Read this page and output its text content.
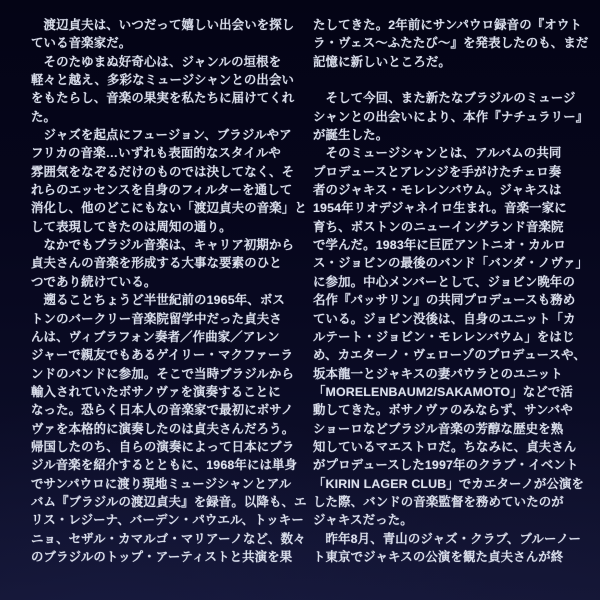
　渡辺貞夫は、いつだって嬉しい出会いを探し
ている音楽家だ。
　そのたゆまぬ好奇心は、ジャンルの垣根を
軽々と越え、多彩なミュージシャンとの出会い
をもたらし、音楽の果実を私たちに届けてくれ
た。
　ジャズを起点にフュージョン、ブラジルやア
フリカの音楽…いずれも表面的なスタイルや
雰囲気をなぞるだけのものでは決してなく、そ
れらのエッセンスを自身のフィルターを通して
消化し、他のどこにもない「渡辺貞夫の音楽」と
して表現してきたのは周知の通り。
　なかでもブラジル音楽は、キャリア初期から
貞夫さんの音楽を形成する大事な要素のひと
つであり続けている。
　遡ることちょうど半世紀前の1965年、ボス
トンのバークリー音楽院留学中だった貞夫さ
んは、ヴィブラフォン奏者／作曲家／アレン
ジャーで親友でもあるゲイリー・マクファーラ
ンドのバンドに参加。そこで当時ブラジルから
輸入されていたボサノヴァを演奏することに
なった。恐らく日本人の音楽家で最初にボサノ
ヴァを本格的に演奏したのは貞夫さんだろう。
帰国したのち、自らの演奏によって日本にブラ
ジル音楽を紹介するとともに、1968年には単身
でサンパウロに渡り現地ミュージシャンとアル
バム『ブラジルの渡辺貞夫』を録音。以降も、エ
リス・レジーナ、バーデン・パウエル、トッキー
ニョ、セザル・カマルゴ・マリアーノなど、数々
のブラジルのトップ・アーティストと共演を果
たしてきた。2年前にサンパウロ録音の『オウト
ラ・ヴェス〜ふたたび〜』を発表したのも、まだ
記憶に新しいところだ。
　そして今回、また新たなブラジルのミュージ
シャンとの出会いにより、本作『ナチュラリー』
が誕生した。
　そのミュージシャンとは、アルバムの共同
プロデュースとアレンジを手がけたチェロ奏
者のジャキス・モレレンバウム。ジャキスは
1954年リオデジャネイロ生まれ。音楽一家に
育ち、ボストンのニューイングランド音楽院
で学んだ。1983年に巨匠アントニオ・カルロ
ス・ジョビンの最後のバンド「バンダ・ノヴァ」
に参加。中心メンバーとして、ジョビン晩年の
名作『パッサリン』の共同プロデュースも務め
ている。ジョビン没後は、自身のユニット「カ
ルテート・ジョビン・モレレンバウム」をはじ
め、カエターノ・ヴェローゾのプロデュースや、
坂本龍一とジャキスの妻パウラとのユニット
「MORELENBAUM2/SAKAMOTO」などで活
動してきた。ボサノヴァのみならず、サンバや
ショーロなどブラジル音楽の芳醇な歴史を熟
知しているマエストロだ。ちなみに、貞夫さん
がプロデュースした1997年のクラブ・イベント
「KIRIN LAGER CLUB」でカエターノが公演を
した際、バンドの音楽監督を務めていたのが
ジャキスだった。
　昨年8月、青山のジャズ・クラブ、ブルーノー
ト東京でジャキスの公演を観た貞夫さんが終
